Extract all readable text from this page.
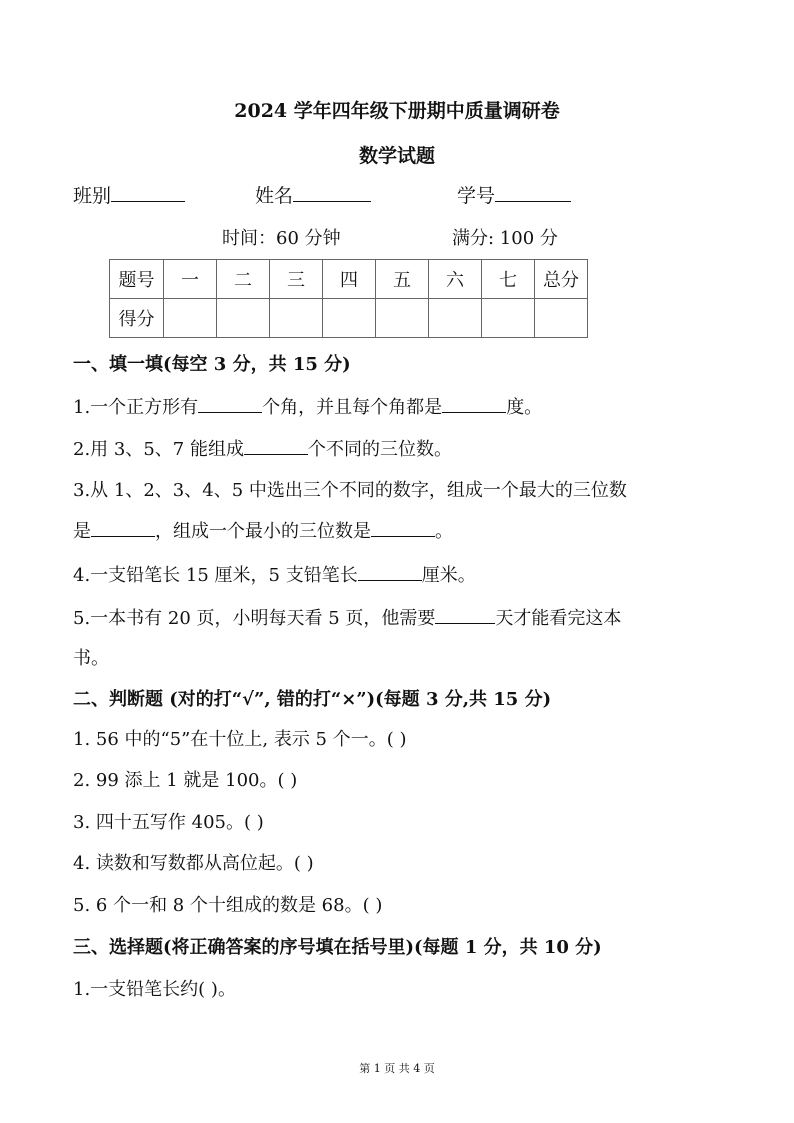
2024 学年四年级下册期中质量调研卷
数学试题
班别	姓名	学号
时间：60 分钟	满分: 100 分
题号	一	二	三	四	五	六	七	总分
得分								
一、填一填(每空 3 分，共 15 分)
1.一个正方形有	个角，并且每个角都是	度。
2.用 3、5、7 能组成	个不同的三位数。
3.从 1、2、3、4、5 中选出三个不同的数字，组成一个最大的三位数
是	，组成一个最小的三位数是	。
4.一支铅笔长 15 厘米，5 支铅笔长	厘米。
5.一本书有 20 页，小明每天看 5 页，他需要	天才能看完这本
书。
二、判断题 (对的打“√”, 错的打“×”)(每题 3 分,共 15 分)
1. 56 中的“5”在十位上, 表示 5 个一。( )
2. 99 添上 1 就是 100。( )
3. 四十五写作 405。( )
4. 读数和写数都从高位起。( )
5. 6 个一和 8 个十组成的数是 68。( )
三、选择题(将正确答案的序号填在括号里)(每题 1 分，共 10 分)
1.一支铅笔长约( )。
第 1 页 共 4 页
